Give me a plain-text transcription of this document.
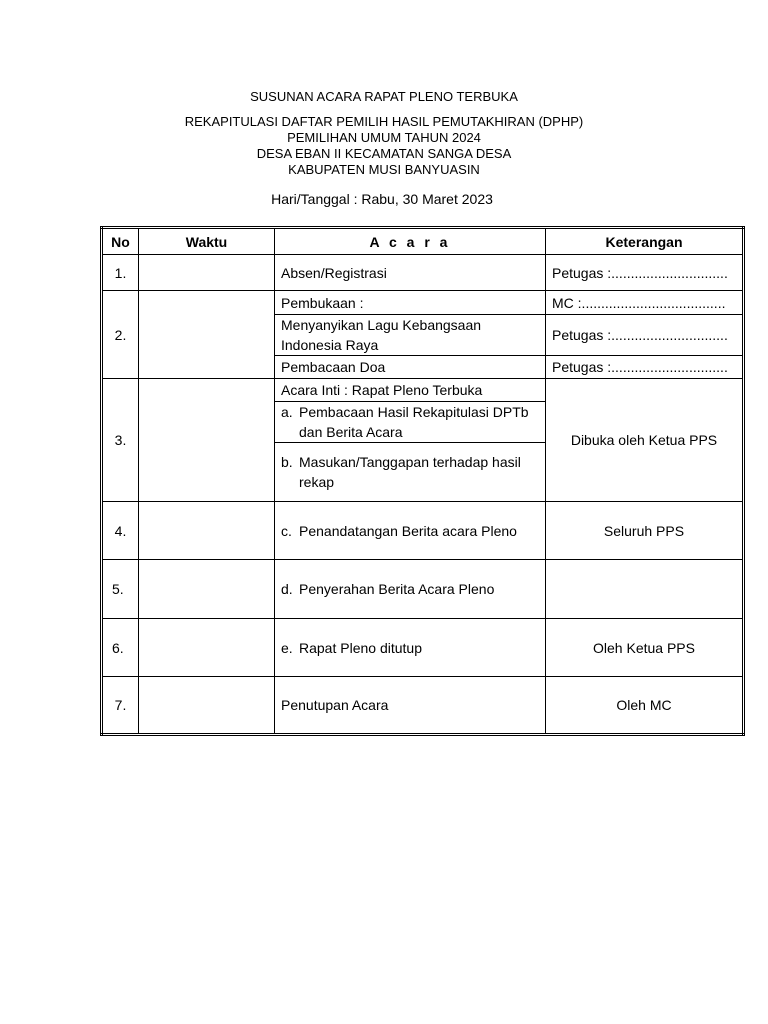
SUSUNAN ACARA RAPAT PLENO TERBUKA
REKAPITULASI DAFTAR PEMILIH HASIL PEMUTAKHIRAN (DPHP)
PEMILIHAN UMUM TAHUN 2024
DESA EBAN II KECAMATAN SANGA DESA
KABUPATEN MUSI BANYUASIN
Hari/Tanggal : Rabu, 30 Maret 2023
No	Waktu	A c a r a	Keterangan
1.		Absen/Registrasi	Petugas :..............................
2.		Pembukaan :	MC :.....................................
		Menyanyikan Lagu Kebangsaan Indonesia Raya	Petugas :..............................
		Pembacaan Doa	Petugas :..............................
3.		Acara Inti : Rapat Pleno Terbuka	Dibuka oleh Ketua PPS

		a. Pembacaan Hasil Rekapitulasi DPTb dan Berita Acara	

		b. Masukan/Tanggapan terhadap hasil rekap	

4.		c. Penandatangan Berita acara Pleno	Seluruh PPS
5.		d. Penyerahan Berita Acara Pleno	

6.		e. Rapat Pleno ditutup	Oleh Ketua PPS
7.		Penutupan Acara	Oleh MC
